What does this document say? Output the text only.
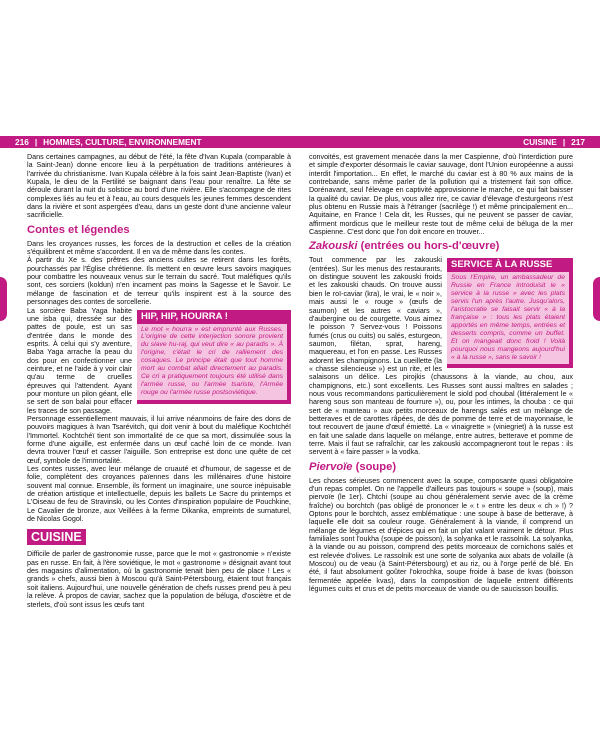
216 | HOMMES, CULTURE, ENVIRONNEMENT	CUISINE | 217

Dans certaines campagnes, au début de l'été, la fête d'Ivan Kupala (comparable à la Saint-Jean) donne encore lieu à la perpétuation de traditions antérieures à l'arrivée du christianisme. Ivan Kupala célèbre à la fois saint Jean-Baptiste (Ivan) et Kupala, le dieu de la Fertilité se baignant dans l'eau pour renaître. La fête se déroule durant la nuit du solstice au bord d'une rivière. Elle s'accompagne de rites complexes liés au feu et à l'eau, au cours desquels les jeunes femmes descendent dans la rivière et sont aspergées d'eau, dans un geste dont d'une ancienne valeur sacrificielle.

Contes et légendes

Dans les croyances russes, les forces de la destruction et celles de la création s'équilibrent et même s'accordent. Il en va de même dans les contes.

À partir du Xe s. des prêtres des anciens cultes se retirent dans les forêts, pourchassés par l'Église chrétienne. Ils mettent en œuvre leurs savoirs magiques pour combattre les nouveaux venus sur le terrain du sacré. Tout maléfiques qu'ils sont, ces sorciers (koldun) n'en incarnent pas moins la Sagesse et le Savoir. Le mélange de fascination et de terreur qu'ils inspirent est à la source des personnages des contes de sorcellerie.

HIP, HIP, HOURRA !
Le mot « hourra » est emprunté aux Russes. L'origine de cette interjection sonore provient du slave hu-raj, qui veut dire « au paradis ». À l'origine, c'était le cri de ralliement des cosaques. Le principe était que tout homme mort au combat allait directement au paradis. Ce cri a pratiquement toujours été utilisé dans l'armée russe, ou l'armée tsariste, l'Armée rouge ou l'armée russe postsoviétique.

La sorcière Baba Yaga habite une isba qui, dressée sur des pattes de poule, est un sas d'entrée dans le monde des esprits. À celui qui s'y aventure, Baba Yaga arrache la peau du dos pour en confectionner une ceinture, et ne l'aide à y voir clair qu'au terme de cruelles épreuves qui l'attendent. Ayant pour monture un pilon géant, elle se sert de son balai pour effacer les traces de son passage.

Personnage essentiellement mauvais, il lui arrive néanmoins de faire des dons de pouvoirs magiques à Ivan Tsarévitch, qui doit venir à bout du maléfique Kochtchéï l'Immortel. Kochtchéï tient son immortalité de ce que sa mort, dissimulée sous la forme d'une aiguille, est enfermée dans un œuf caché loin de ce monde. Ivan devra trouver l'œuf et casser l'aiguille. Son entreprise est donc une quête de cet œuf, symbole de l'immortalité.

Les contes russes, avec leur mélange de cruauté et d'humour, de sagesse et de folie, complètent des croyances païennes dans les millénaires d'une histoire souvent mal connue. Ensemble, ils forment un imaginaire, une source inépuisable de création artistique et intellectuelle, depuis les ballets Le Sacre du printemps et L'Oiseau de feu de Stravinski, ou les Contes d'inspiration populaire de Pouchkine, Le Cavalier de bronze, aux Veillées à la ferme Dikanka, empreints de surnaturel, de Nicolas Gogol.

CUISINE

Difficile de parler de gastronomie russe, parce que le mot « gastronomie » n'existe pas en russe. En fait, à l'ère soviétique, le mot « gastronome » désignait avant tout des magasins d'alimentation, où la gastronomie tenait bien peu de place ! Les « grands » chefs, aussi bien à Moscou qu'à Saint-Pétersbourg, étaient tout français soit italiens. Aujourd'hui, une nouvelle génération de chefs russes prend peu à peu la relève. À propos de caviar, sachez que la population de béluga, d'osciètre et de sterlets, d'où sont issus les œufs tant

convoités, est gravement menacée dans la mer Caspienne, d'où l'interdiction pure et simple d'exporter désormais le caviar sauvage, dont l'Union européenne a aussi interdit l'importation... En effet, le marché du caviar est à 80 % aux mains de la contrebande, sans même parler de la pollution qui a tristement fait son office. Dorénavant, seul l'élevage en captivité approvisionne le marché, ce qui fait baisser la qualité du caviar. De plus, vous allez rire, ce caviar d'élevage d'esturgeons n'est plus obtenu en Russie mais à l'étranger (sacrilège !) et même principalement en... Aquitaine, en France ! Cela dit, les Russes, qui ne peuvent se passer de caviar, affirment mordicus que le meilleur reste tout de même celui de béluga de la mer Caspienne. C'est donc que l'on doit encore en trouver...

Zakouski (entrées ou hors-d'œuvre)
SERVICE À LA RUSSE
Sous l'Empire, un ambassadeur de Russie en France introduisit le « service à la russe » avec les plats servis l'un après l'autre. Jusqu'alors, l'aristocratie se faisait servir « à la française » : tous les plats étaient apportés en même temps, entrées et desserts compris, comme un buffet. Et on mangeait donc froid ! Voilà pourquoi nous mangeons aujourd'hui « à la russe », sans le savoir !

Tout commence par les zakouski (entrées). Sur les menus des restaurants, on distingue souvent les zakouski froids et les zakouski chauds. On trouve aussi bien le roï-caviar (kra), le vrai, le « noir », mais aussi le « rouge » (œufs de saumon) et les autres « caviars », d'aubergine ou de courgette. Vous aimez le poisson ? Servez-vous ! Poissons fumés (crus ou cuits) ou salés, esturgeon, saumon, filétan, sprat, hareng, maquereau, et l'on en passe. Les Russes adorent les champignons. La cueillette (la « chasse silencieuse ») est un rite, et les salaisons un délice. Les pirojkis (chaussons à la viande, au chou, aux champignons, etc.) sont excellents. Les Russes sont aussi maîtres en salades ; nous vous recommandons particulièrement le siold pod choubal (littéralement le « hareng sous son manteau de fourrure »), ou, pour les intimes, la chouba : ce qui sert de « manteau » aux petits morceaux de harengs salés est un mélange de betteraves et de carottes râpées, de dés de pomme de terre et de mayonnaise, le tout recouvert de jaune d'œuf émietté. La « vinaigrette » (viniegriet) à la russe est en fait une salade dans laquelle on mélange, entre autres, betterave et pomme de terre. Mais il faut se rafraîchir, car les zakouski accompagneront tout le repas : ils servent à « faire passer » la vodka.

Piervoïe (soupe)

Les choses sérieuses commencent avec la soupe, composante quasi obligatoire d'un repas complet. On ne l'appelle d'ailleurs pas toujours « soupe » (soup), mais piervoïe (le 1er). Chtchi (soupe au chou généralement servie avec de la crème fraîche) ou borchtch (pas obligé de prononcer le « t » entre les deux « ch » !) ? Optons pour le borchtch, assez emblématique : une soupe à base de betterave, à laquelle elle doit sa couleur rouge. Généralement à la viande, il comprend un mélange de légumes et d'épices qui en fait un plat valant vraiment le détour. Plus familiales sont l'oukha (soupe de poisson), la solyanka et le rassolnik. La solyanka, à la viande ou au poisson, comprend des petits morceaux de cornichons salés et est relevée d'olives. Le rassolnik est une sorte de solyanka aux abats de volaille (à Moscou) ou de veau (à Saint-Pétersbourg) et au riz, ou à l'orge perlé de blé. En été, il faut absolument goûter l'okrochka, soupe froide à base de kvas (boisson fermentée appelée kvas), dans la composition de laquelle entrent différents légumes cuits et crus et de petits morceaux de viande ou de saucisson bouillis.
